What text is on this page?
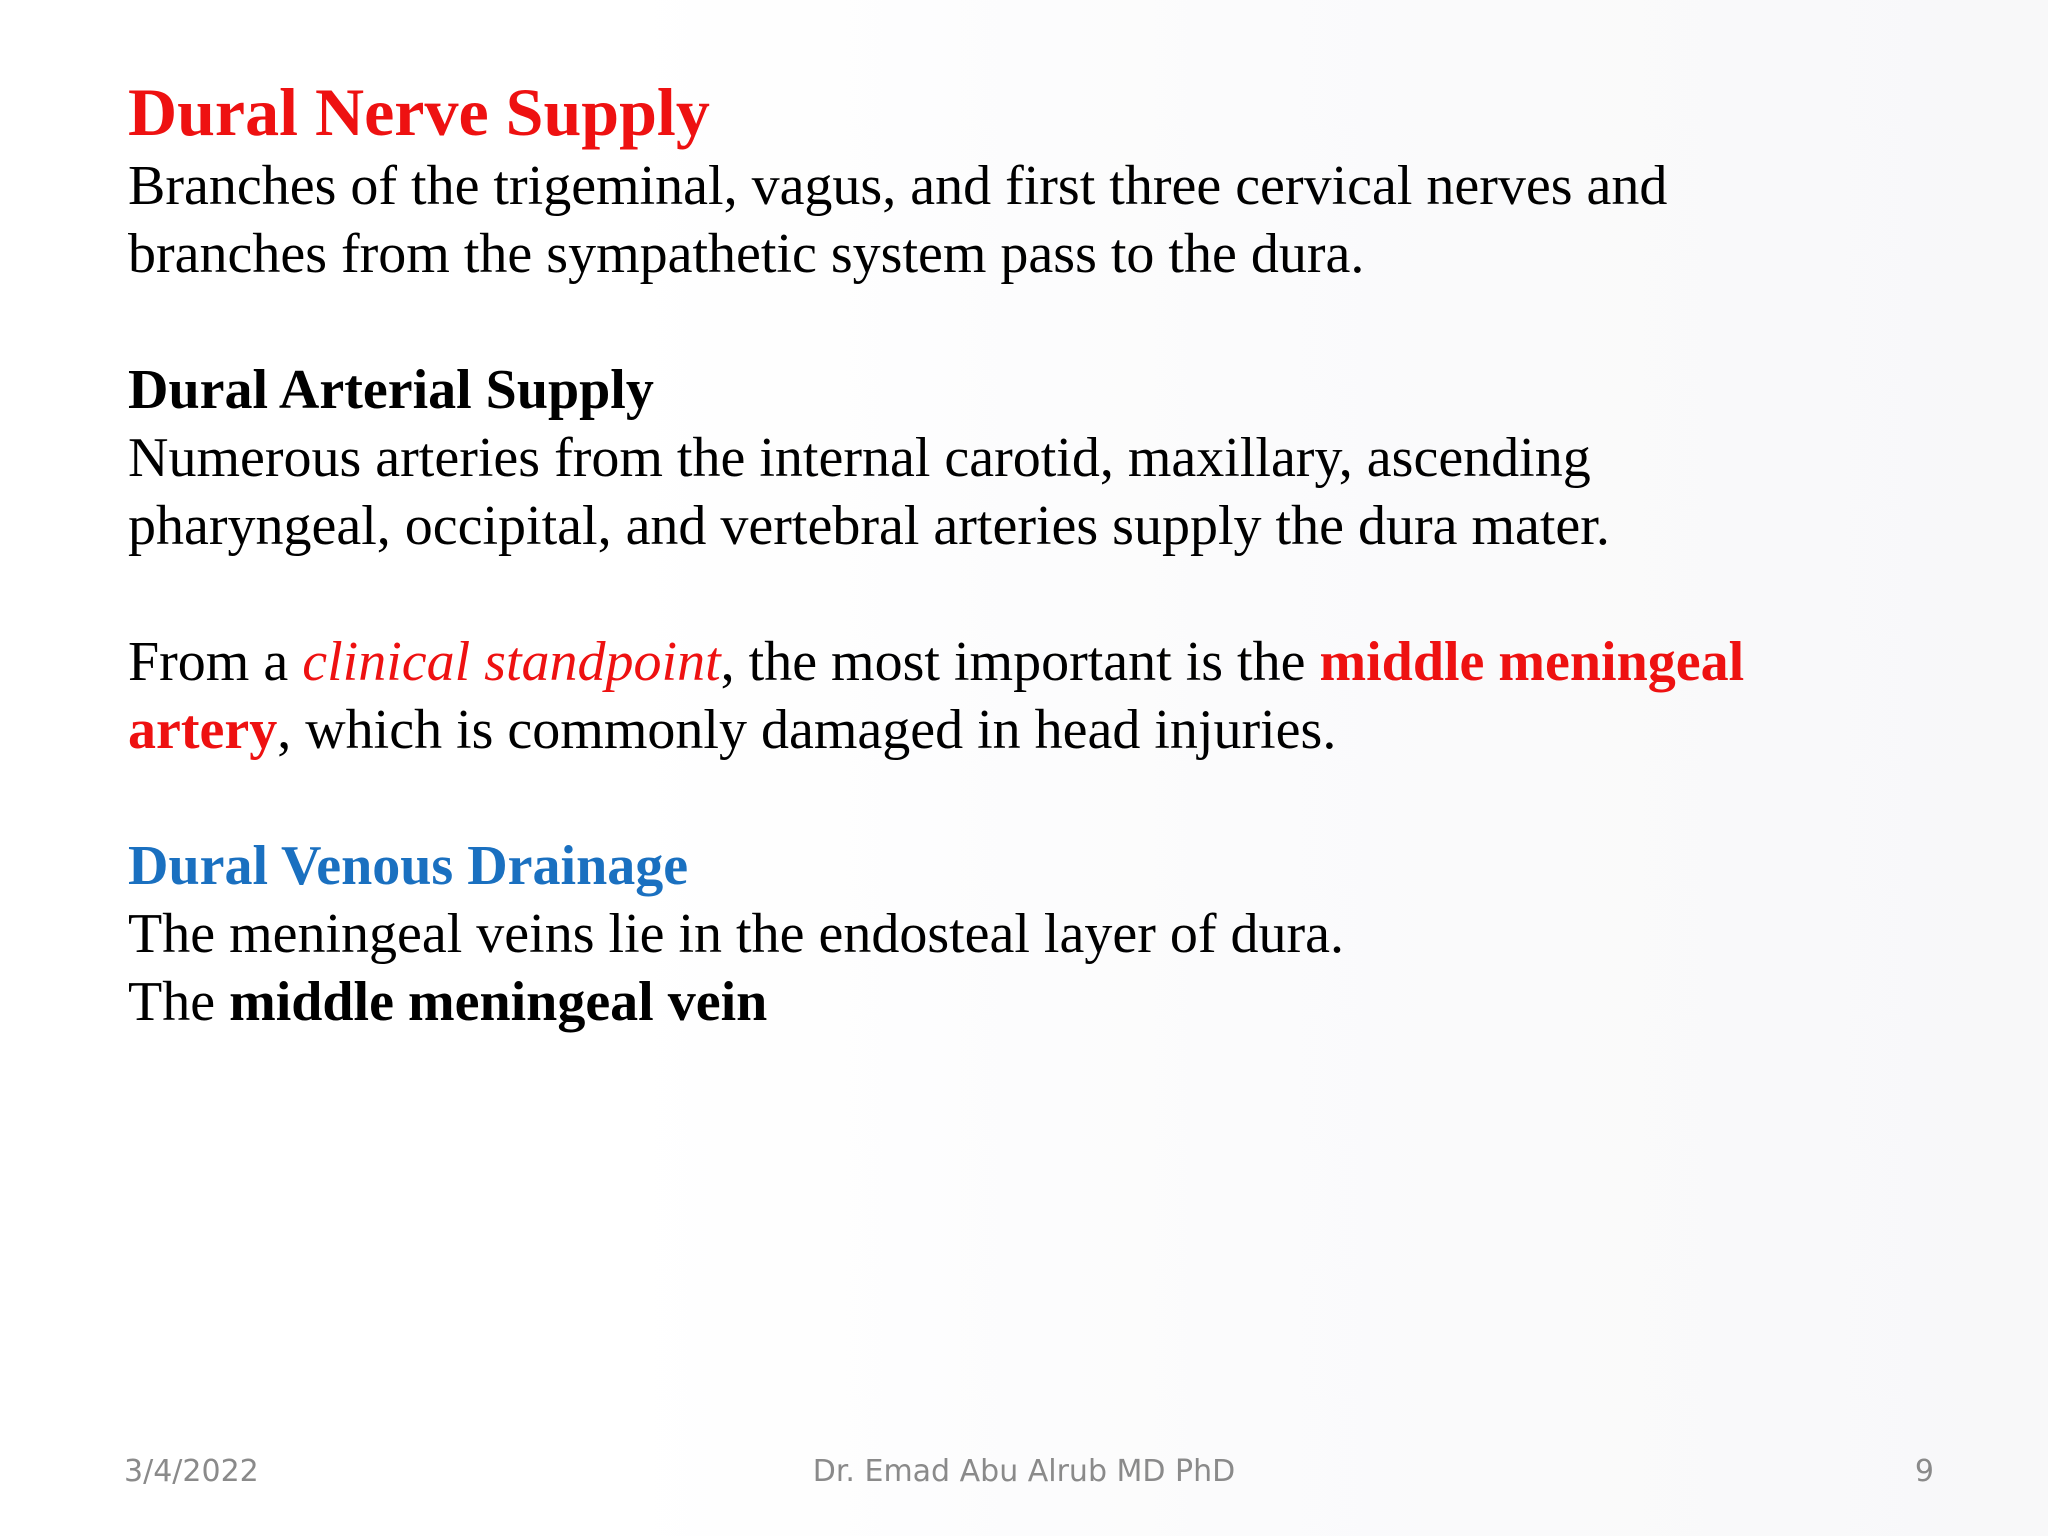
Dural Nerve Supply
Branches of the trigeminal, vagus, and first three cervical nerves and
branches from the sympathetic system pass to the dura.
Dural Arterial Supply
Numerous arteries from the internal carotid, maxillary, ascending
pharyngeal, occipital, and vertebral arteries supply the dura mater.
From a clinical standpoint, the most important is the middle meningeal
artery, which is commonly damaged in head injuries.
Dural Venous Drainage
The meningeal veins lie in the endosteal layer of dura.
The middle meningeal vein
3/4/2022	Dr. Emad Abu Alrub MD PhD	9
